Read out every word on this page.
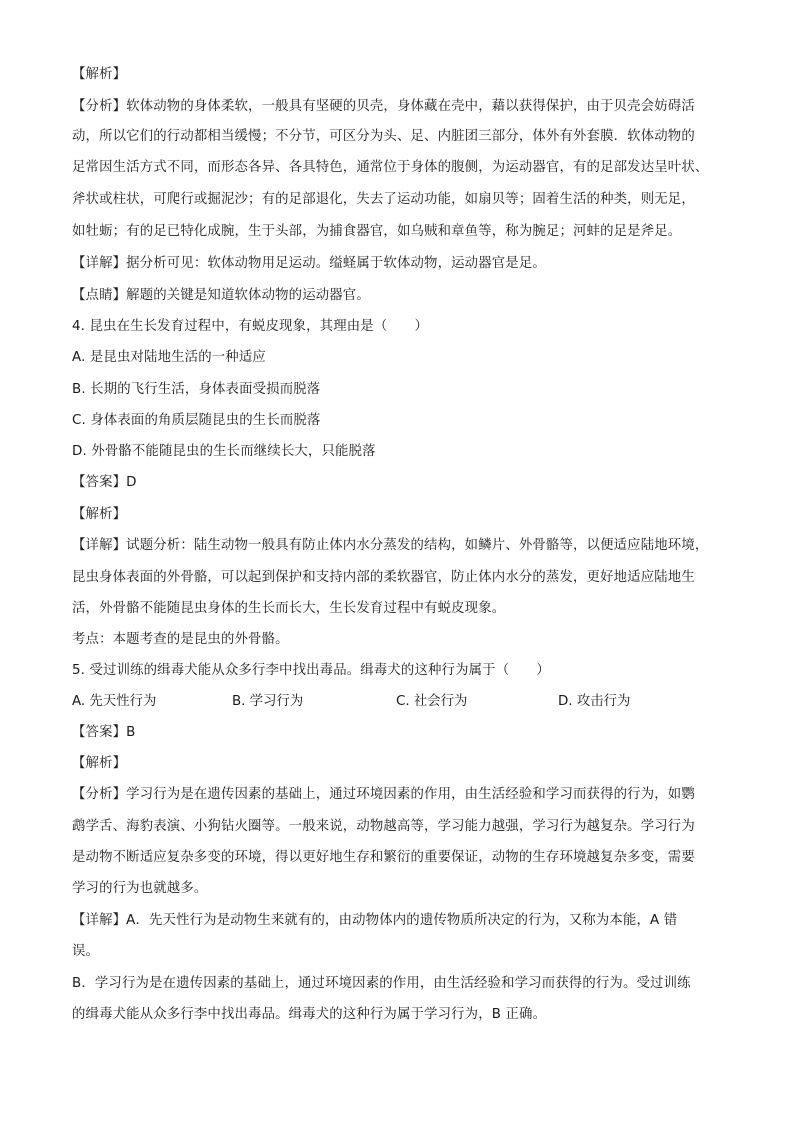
【解析】
【分析】软体动物的身体柔软，一般具有坚硬的贝壳，身体藏在壳中，藉以获得保护，由于贝壳会妨碍活
动，所以它们的行动都相当缓慢；不分节，可区分为头、足、内脏团三部分，体外有外套膜．软体动物的
足常因生活方式不同，而形态各异、各具特色，通常位于身体的腹侧，为运动器官，有的足部发达呈叶状、
斧状或柱状，可爬行或掘泥沙；有的足部退化，失去了运动功能，如扇贝等；固着生活的种类，则无足，
如牡蛎；有的足已特化成腕，生于头部，为捕食器官，如乌贼和章鱼等，称为腕足；河蚌的足是斧足。
【详解】据分析可见：软体动物用足运动。缢蛏属于软体动物，运动器官是足。
【点睛】解题的关键是知道软体动物的运动器官。
4. 昆虫在生长发育过程中，有蜕皮现象，其理由是（　　）
A. 是昆虫对陆地生活的一种适应
B. 长期的飞行生活，身体表面受损而脱落
C. 身体表面的角质层随昆虫的生长而脱落
D. 外骨骼不能随昆虫的生长而继续长大，只能脱落
【答案】D
【解析】
【详解】试题分析：陆生动物一般具有防止体内水分蒸发的结构，如鳞片、外骨骼等，以便适应陆地环境，
昆虫身体表面的外骨骼，可以起到保护和支持内部的柔软器官，防止体内水分的蒸发，更好地适应陆地生
活，外骨骼不能随昆虫身体的生长而长大，生长发育过程中有蜕皮现象。
考点：本题考查的是昆虫的外骨骼。
5. 受过训练的缉毒犬能从众多行李中找出毒品。缉毒犬的这种行为属于（　　）
A. 先天性行为	B. 学习行为	C. 社会行为	D. 攻击行为
【答案】B
【解析】
【分析】学习行为是在遗传因素的基础上，通过环境因素的作用，由生活经验和学习而获得的行为，如鹦
鹉学舌、海豹表演、小狗钻火圈等。一般来说，动物越高等，学习能力越强，学习行为越复杂。学习行为
是动物不断适应复杂多变的环境，得以更好地生存和繁衍的重要保证，动物的生存环境越复杂多变，需要
学习的行为也就越多。
【详解】A．先天性行为是动物生来就有的，由动物体内的遗传物质所决定的行为，又称为本能，A 错
误。
B．学习行为是在遗传因素的基础上，通过环境因素的作用，由生活经验和学习而获得的行为。受过训练
的缉毒犬能从众多行李中找出毒品。缉毒犬的这种行为属于学习行为，B 正确。
